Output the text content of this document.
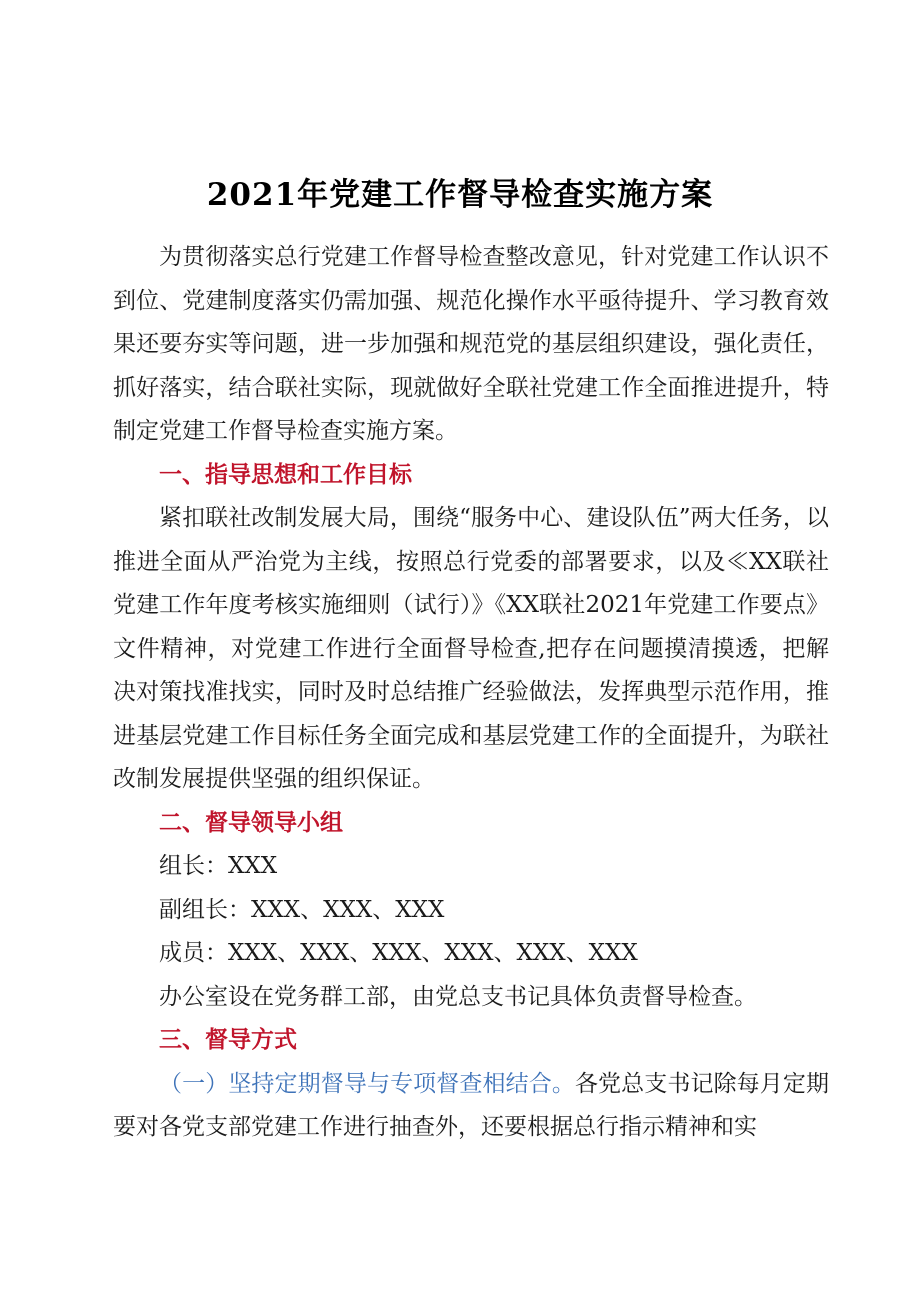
2021年党建工作督导检查实施方案

为贯彻落实总行党建工作督导检查整改意见，针对党建工作认识不到位、党建制度落实仍需加强、规范化操作水平亟待提升、学习教育效果还要夯实等问题，进一步加强和规范党的基层组织建设，强化责任，抓好落实，结合联社实际，现就做好全联社党建工作全面推进提升，特制定党建工作督导检查实施方案。

一、指导思想和工作目标

紧扣联社改制发展大局，围绕“服务中心、建设队伍”两大任务，以推进全面从严治党为主线，按照总行党委的部署要求，以及≪XX联社党建工作年度考核实施细则（试行）》《XX联社2021年党建工作要点》文件精神，对党建工作进行全面督导检查,把存在问题摸清摸透，把解决对策找准找实，同时及时总结推广经验做法，发挥典型示范作用，推进基层党建工作目标任务全面完成和基层党建工作的全面提升，为联社改制发展提供坚强的组织保证。

二、督导领导小组

组长：XXX

副组长：XXX、XXX、XXX

成员：XXX、XXX、XXX、XXX、XXX、XXX

办公室设在党务群工部，由党总支书记具体负责督导检查。

三、督导方式

（一）坚持定期督导与专项督查相结合。各党总支书记除每月定期要对各党支部党建工作进行抽查外，还要根据总行指示精神和实
